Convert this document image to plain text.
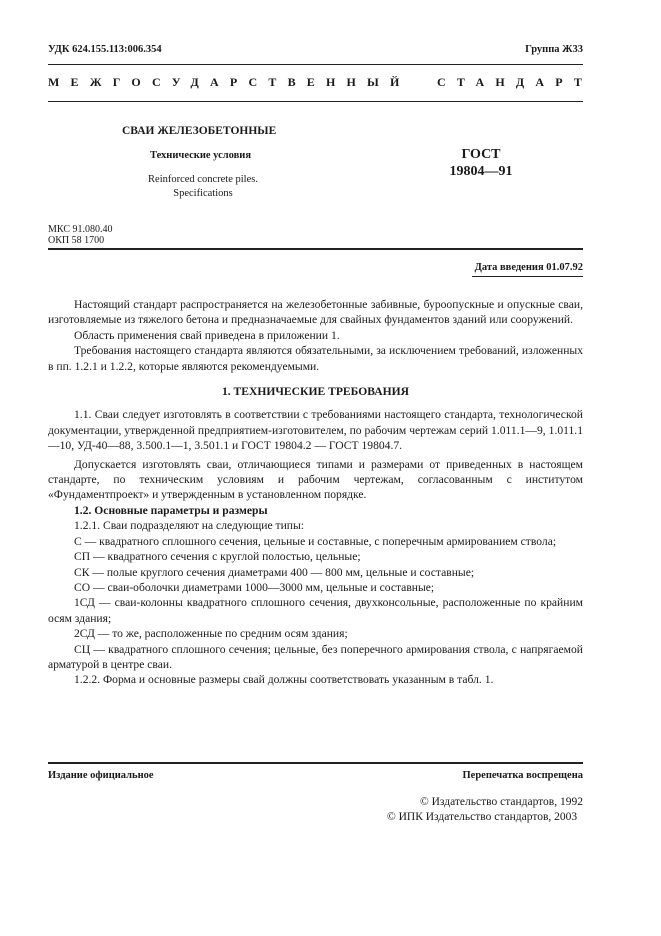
УДК 624.155.113:006.354	Группа Ж33
МЕЖГОСУДАРСТВЕННЫЙ СТАНДАРТ
СВАИ ЖЕЛЕЗОБЕТОННЫЕ
Технические условия
Reinforced concrete piles.
Specifications
ГОСТ
19804—91
МКС 91.080.40
ОКП 58 1700
Дата введения 01.07.92

Настоящий стандарт распространяется на железобетонные забивные, буроопускные и опускные сваи, изготовляемые из тяжелого бетона и предназначаемые для свайных фундаментов зданий или сооружений.

Область применения свай приведена в приложении 1.

Требования настоящего стандарта являются обязательными, за исключением требований, изложенных в пп. 1.2.1 и 1.2.2, которые являются рекомендуемыми.

1. ТЕХНИЧЕСКИЕ ТРЕБОВАНИЯ

1.1. Сваи следует изготовлять в соответствии с требованиями настоящего стандарта, технологической документации, утвержденной предприятием-изготовителем, по рабочим чертежам серий 1.011.1—9, 1.011.1—10, УД-40—88, 3.500.1—1, 3.501.1 и ГОСТ 19804.2 — ГОСТ 19804.7.

Допускается изготовлять сваи, отличающиеся типами и размерами от приведенных в настоящем стандарте, по техническим условиям и рабочим чертежам, согласованным с институтом «Фундаментпроект» и утвержденным в установленном порядке.

1.2. Основные параметры и размеры

1.2.1. Сваи подразделяют на следующие типы:

С — квадратного сплошного сечения, цельные и составные, с поперечным армированием ствола;

СП — квадратного сечения с круглой полостью, цельные;

СК — полые круглого сечения диаметрами 400 — 800 мм, цельные и составные;

СО — сваи-оболочки диаметрами 1000—3000 мм, цельные и составные;

1СД — сваи-колонны квадратного сплошного сечения, двухконсольные, расположенные по крайним осям здания;

2СД — то же, расположенные по средним осям здания;

СЦ — квадратного сплошного сечения; цельные, без поперечного армирования ствола, с напрягаемой арматурой в центре сваи.

1.2.2. Форма и основные размеры свай должны соответствовать указанным в табл. 1.

Издание официальное	Перепечатка воспрещена
© Издательство стандартов, 1992
© ИПК Издательство стандартов, 2003
